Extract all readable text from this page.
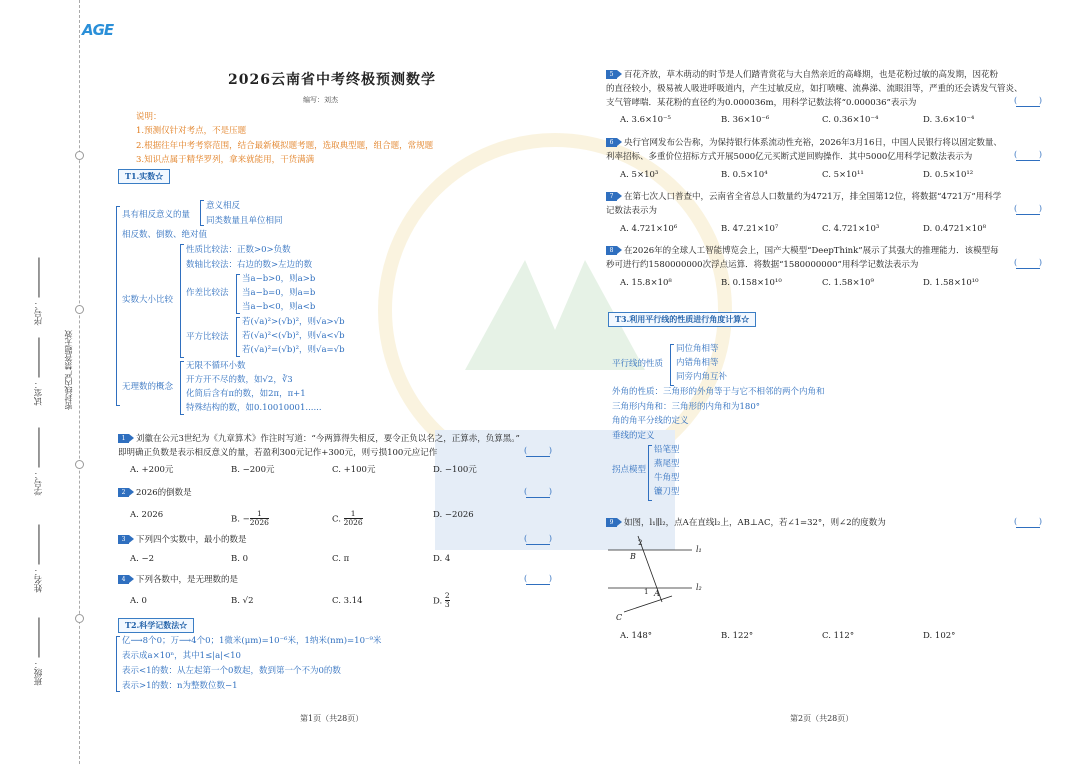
序号：
试室：
学号：
姓名：
班级：
密封线内严禁答题无效
AGE
2026云南省中考终极预测数学
编写：刘杰
说明：
1.预测仅针对考点，不是压题
2.根据往年中考考察范围，结合最新模拟题考题，选取典型题，组合题，常规题
3.知识点属于精华罗列，拿来就能用，干货满满
T1.实数☆
具有相反意义的量
意义相反
同类数量且单位相同
相反数、倒数、绝对值
实数大小比较
性质比较法：正数>0>负数
数轴比较法：右边的数>左边的数
作差比较法
当a−b>0，则a>b
当a−b=0，则a=b
当a−b<0，则a<b
平方比较法
若(√a)²>(√b)²，则√a>√b
若(√a)²<(√b)²，则√a<√b
若(√a)²=(√b)²，则√a=√b
无理数的概念
无限不循环小数
开方开不尽的数，如√2，∛3
化简后含有π的数，如2π，π+1
特殊结构的数，如0.10010001......
1 刘徽在公元3世纪为《九章算术》作注时写道：“今两算得失相反，要令正负以名之，正算赤，负算黑。”
即明确正负数是表示相反意义的量，若盈利300元记作+300元，则亏损100元应记作
( )
A. +200元	B. −200元	C. +100元	D. −100元
2 2026的倒数是
( )
A. 2026	B. − $\frac{1}{2026}$	C. $\frac{1}{2026}$	D. −2026
3 下列四个实数中，最小的数是
( )
A. −2	B. 0	C. π	D. 4
4 下列各数中，是无理数的是
( )
A. 0	B. √2	C. 3.14	D. $\frac{2}{3}$
T2.科学记数法☆
亿⟶8个0；万⟶4个0；1微米(μm)=10⁻⁶米，1纳米(nm)=10⁻⁹米
表示成a×10ⁿ，其中1≤|a|<10
表示<1的数：从左起第一个0数起，数到第一个不为0的数
表示>1的数：n为整数位数−1
第1页（共28页）
5 百花齐放，草木萌动的时节是人们踏青赏花与大自然亲近的高峰期，也是花粉过敏的高发期，因花粉
的直径较小，极易被人吸进呼吸道内，产生过敏反应，如打喷嚏、流鼻涕、流眼泪等，严重的还会诱发气管炎、
支气管哮喘．某花粉的直径约为0.000036m，用科学记数法将“0.000036”表示为
( )
A. 3.6×10⁻⁵	B. 36×10⁻⁶	C. 0.36×10⁻⁴	D. 3.6×10⁻⁴
6 央行官网发布公告称，为保持银行体系流动性充裕，2026年3月16日，中国人民银行将以固定数量、
利率招标、多重价位招标方式开展5000亿元买断式逆回购操作．其中5000亿用科学记数法表示为
( )
A. 5×10³	B. 0.5×10⁴	C. 5×10¹¹	D. 0.5×10¹²
7 在第七次人口普查中，云南省全省总人口数量约为4721万，排全国第12位，将数据“4721万”用科学
记数法表示为
( )
A. 4.721×10⁶	B. 47.21×10⁷	C. 4.721×10³	D. 0.4721×10⁸
8 在2026年的全球人工智能博览会上，国产大模型“DeepThink”展示了其强大的推理能力．该模型每
秒可进行约1580000000次浮点运算．将数据“1580000000”用科学记数法表示为
( )
A. 15.8×10⁸	B. 0.158×10¹⁰	C. 1.58×10⁹	D. 1.58×10¹⁰
T3.利用平行线的性质进行角度计算☆
平行线的性质
同位角相等
内错角相等
同旁内角互补
外角的性质：三角形的外角等于与它不相邻的两个内角和
三角形内角和：三角形的内角和为180°
角的角平分线的定义
垂线的定义
拐点模型
铅笔型
燕尾型
牛角型
镰刀型
9 如图，l₁∥l₂，点A在直线l₂上，AB⊥AC，若∠1=32°，则∠2的度数为
( )
l₁
l₂
B
A
C
1
2
A. 148°	B. 122°	C. 112°	D. 102°
第2页（共28页）
